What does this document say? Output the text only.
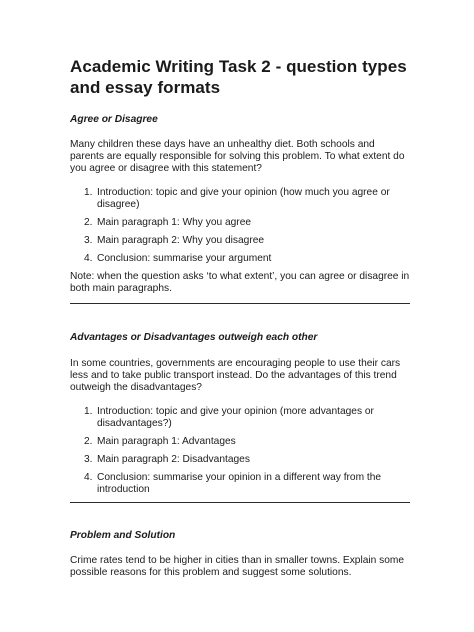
Academic Writing Task 2 - question types and essay formats

Agree or Disagree

Many children these days have an unhealthy diet. Both schools and parents are equally responsible for solving this problem. To what extent do you agree or disagree with this statement?

1. Introduction: topic and give your opinion (how much you agree or disagree)
2. Main paragraph 1: Why you agree
3. Main paragraph 2: Why you disagree
4. Conclusion: summarise your argument

Note: when the question asks ‘to what extent’, you can agree or disagree in both main paragraphs.

Advantages or Disadvantages outweigh each other

In some countries, governments are encouraging people to use their cars less and to take public transport instead. Do the advantages of this trend outweigh the disadvantages?

1. Introduction: topic and give your opinion (more advantages or disadvantages?)
2. Main paragraph 1: Advantages
3. Main paragraph 2: Disadvantages
4. Conclusion: summarise your opinion in a different way from the introduction

Problem and Solution

Crime rates tend to be higher in cities than in smaller towns. Explain some possible reasons for this problem and suggest some solutions.
